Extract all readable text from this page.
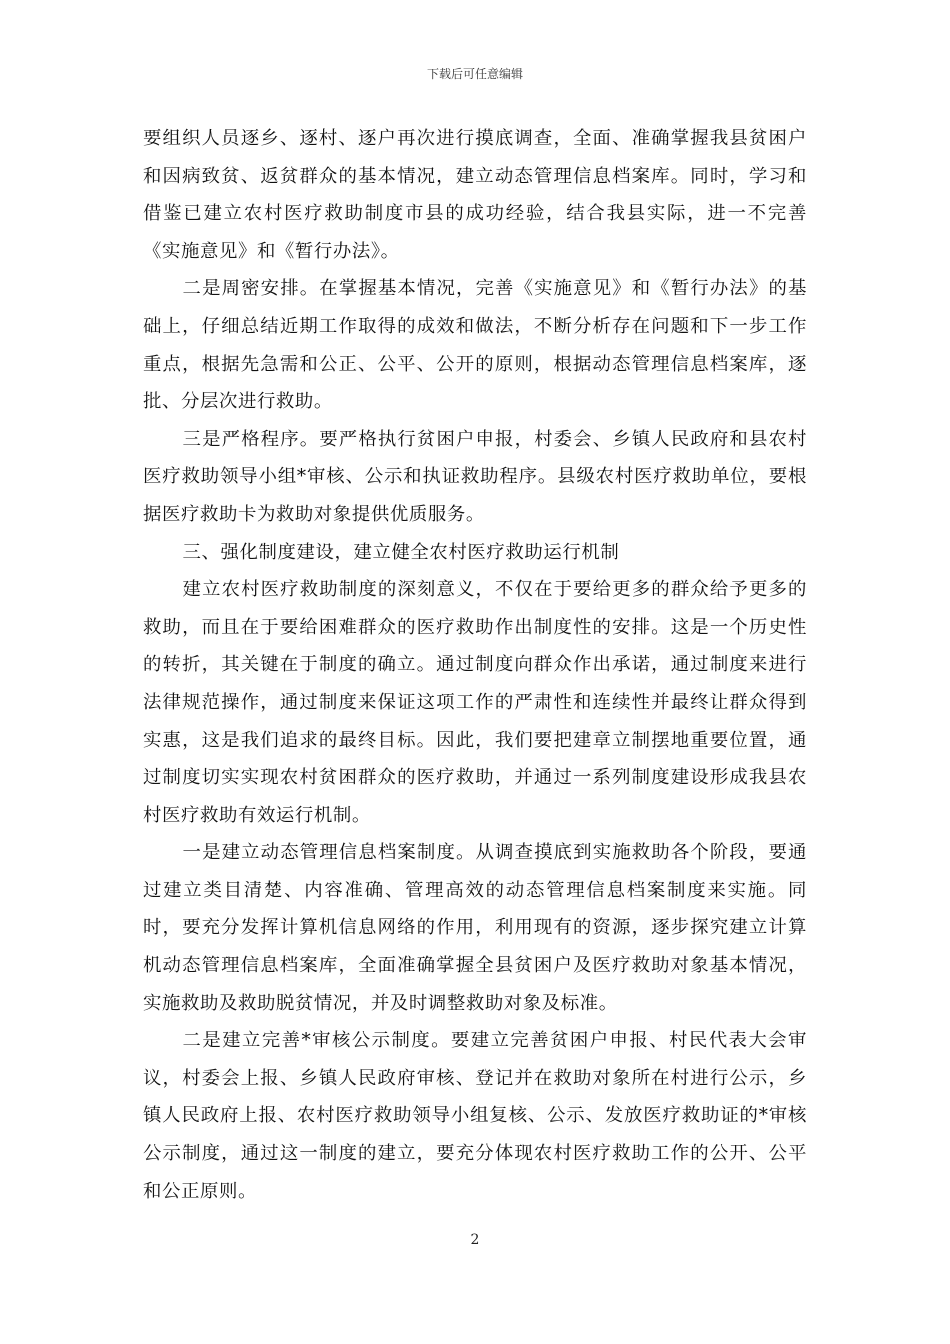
下载后可任意编辑

要组织人员逐乡、逐村、逐户再次进行摸底调查，全面、准确掌握我县贫困户和因病致贫、返贫群众的基本情况，建立动态管理信息档案库。同时，学习和借鉴已建立农村医疗救助制度市县的成功经验，结合我县实际，进一不完善《实施意见》和《暂行办法》。

二是周密安排。在掌握基本情况，完善《实施意见》和《暂行办法》的基础上，仔细总结近期工作取得的成效和做法，不断分析存在问题和下一步工作重点，根据先急需和公正、公平、公开的原则，根据动态管理信息档案库，逐批、分层次进行救助。

三是严格程序。要严格执行贫困户申报，村委会、乡镇人民政府和县农村医疗救助领导小组*审核、公示和执证救助程序。县级农村医疗救助单位，要根据医疗救助卡为救助对象提供优质服务。

三、强化制度建设，建立健全农村医疗救助运行机制

建立农村医疗救助制度的深刻意义，不仅在于要给更多的群众给予更多的救助，而且在于要给困难群众的医疗救助作出制度性的安排。这是一个历史性的转折，其关键在于制度的确立。通过制度向群众作出承诺，通过制度来进行法律规范操作，通过制度来保证这项工作的严肃性和连续性并最终让群众得到实惠，这是我们追求的最终目标。因此，我们要把建章立制摆地重要位置，通过制度切实实现农村贫困群众的医疗救助，并通过一系列制度建设形成我县农村医疗救助有效运行机制。

一是建立动态管理信息档案制度。从调查摸底到实施救助各个阶段，要通过建立类目清楚、内容准确、管理高效的动态管理信息档案制度来实施。同时，要充分发挥计算机信息网络的作用，利用现有的资源，逐步探究建立计算机动态管理信息档案库，全面准确掌握全县贫困户及医疗救助对象基本情况，实施救助及救助脱贫情况，并及时调整救助对象及标准。

二是建立完善*审核公示制度。要建立完善贫困户申报、村民代表大会审议，村委会上报、乡镇人民政府审核、登记并在救助对象所在村进行公示，乡镇人民政府上报、农村医疗救助领导小组复核、公示、发放医疗救助证的*审核公示制度，通过这一制度的建立，要充分体现农村医疗救助工作的公开、公平和公正原则。

2
